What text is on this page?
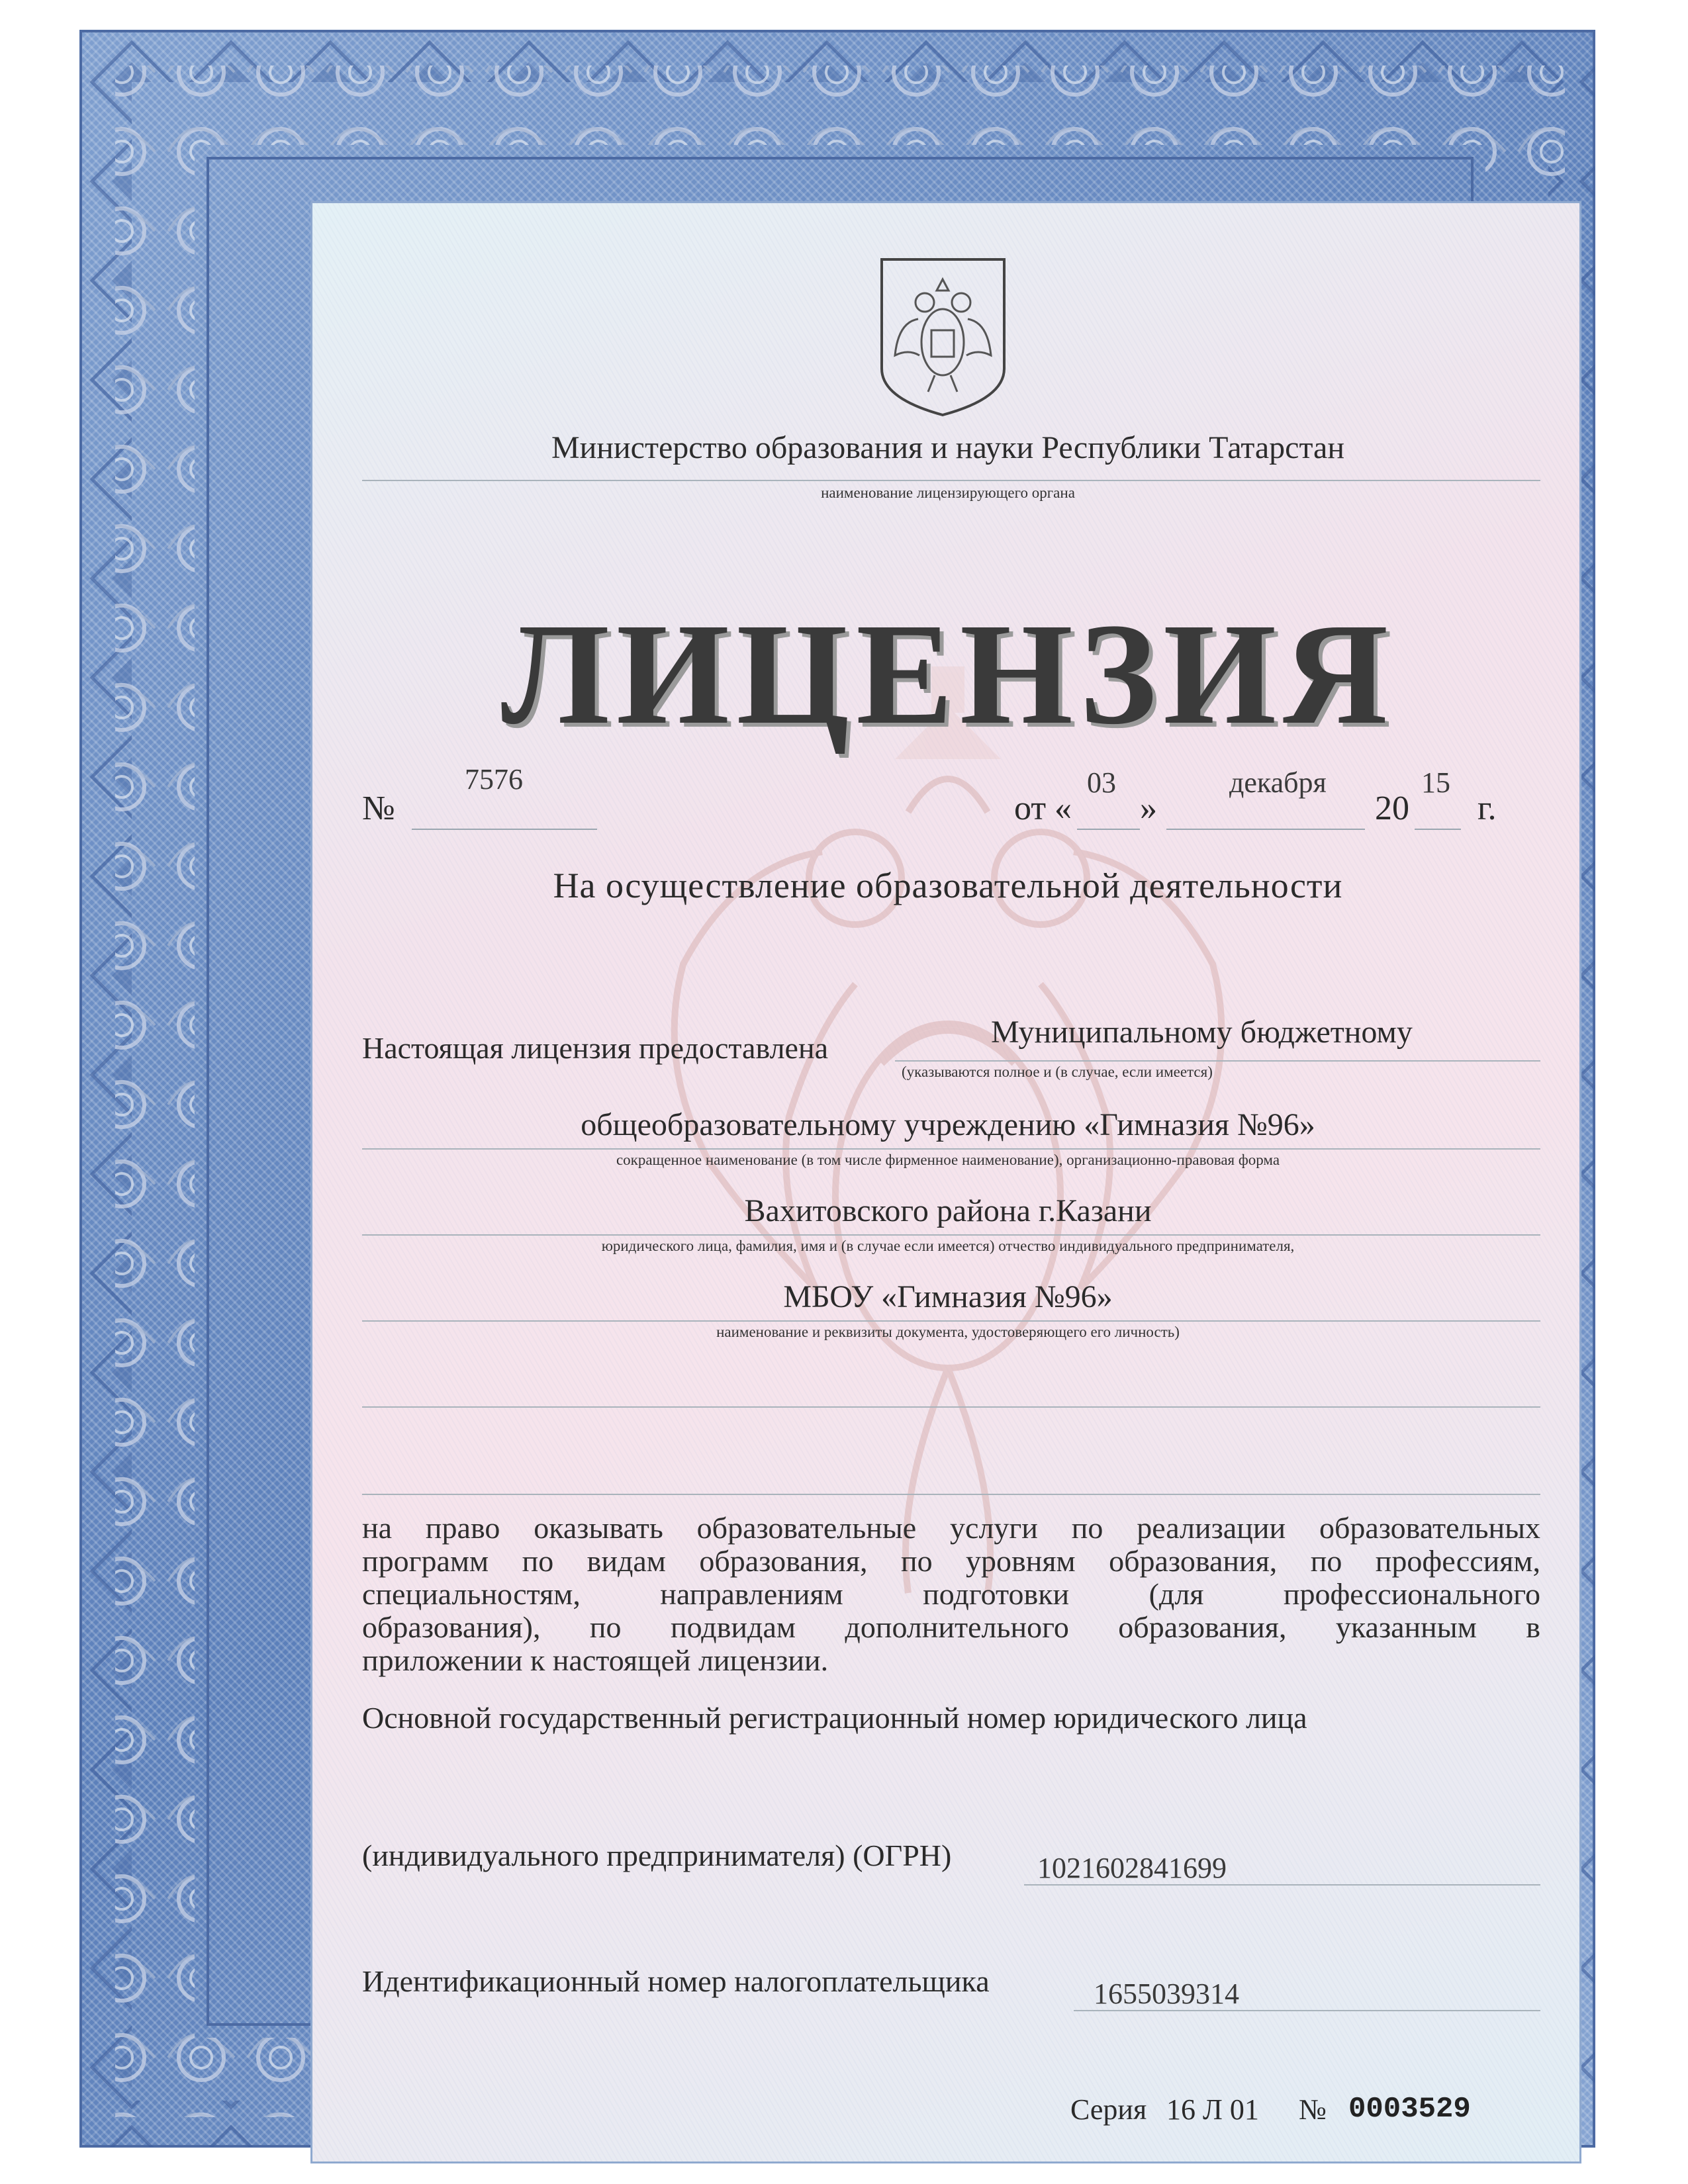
Министерство образования и науки Республики Татарстан
наименование лицензирующего органа
ЛИЦЕНЗИЯ
№
7576
от «
03
»
декабря
20
15
г.
На осуществление образовательной деятельности
Настоящая лицензия предоставлена	Муниципальному бюджетному
(указываются полное и (в случае, если имеется)
общеобразовательному учреждению «Гимназия №96»
сокращенное наименование (в том числе фирменное наименование), организационно-правовая форма
Вахитовского района г.Казани
юридического лица, фамилия, имя и (в случае если имеется) отчество индивидуального предпринимателя,
МБОУ «Гимназия №96»
наименование и реквизиты документа, удостоверяющего его личность)
на право оказывать образовательные услуги по реализации образовательных
программ по видам образования, по уровням образования, по профессиям,
специальностям, направлениям подготовки (для профессионального
образования), по подвидам дополнительного образования, указанным в
приложении к настоящей лицензии.
Основной государственный регистрационный номер юридического лица
(индивидуального предпринимателя) (ОГРН)	1021602841699
Идентификационный номер налогоплательщика	1655039314
Серия 16 Л 01 № 0003529
